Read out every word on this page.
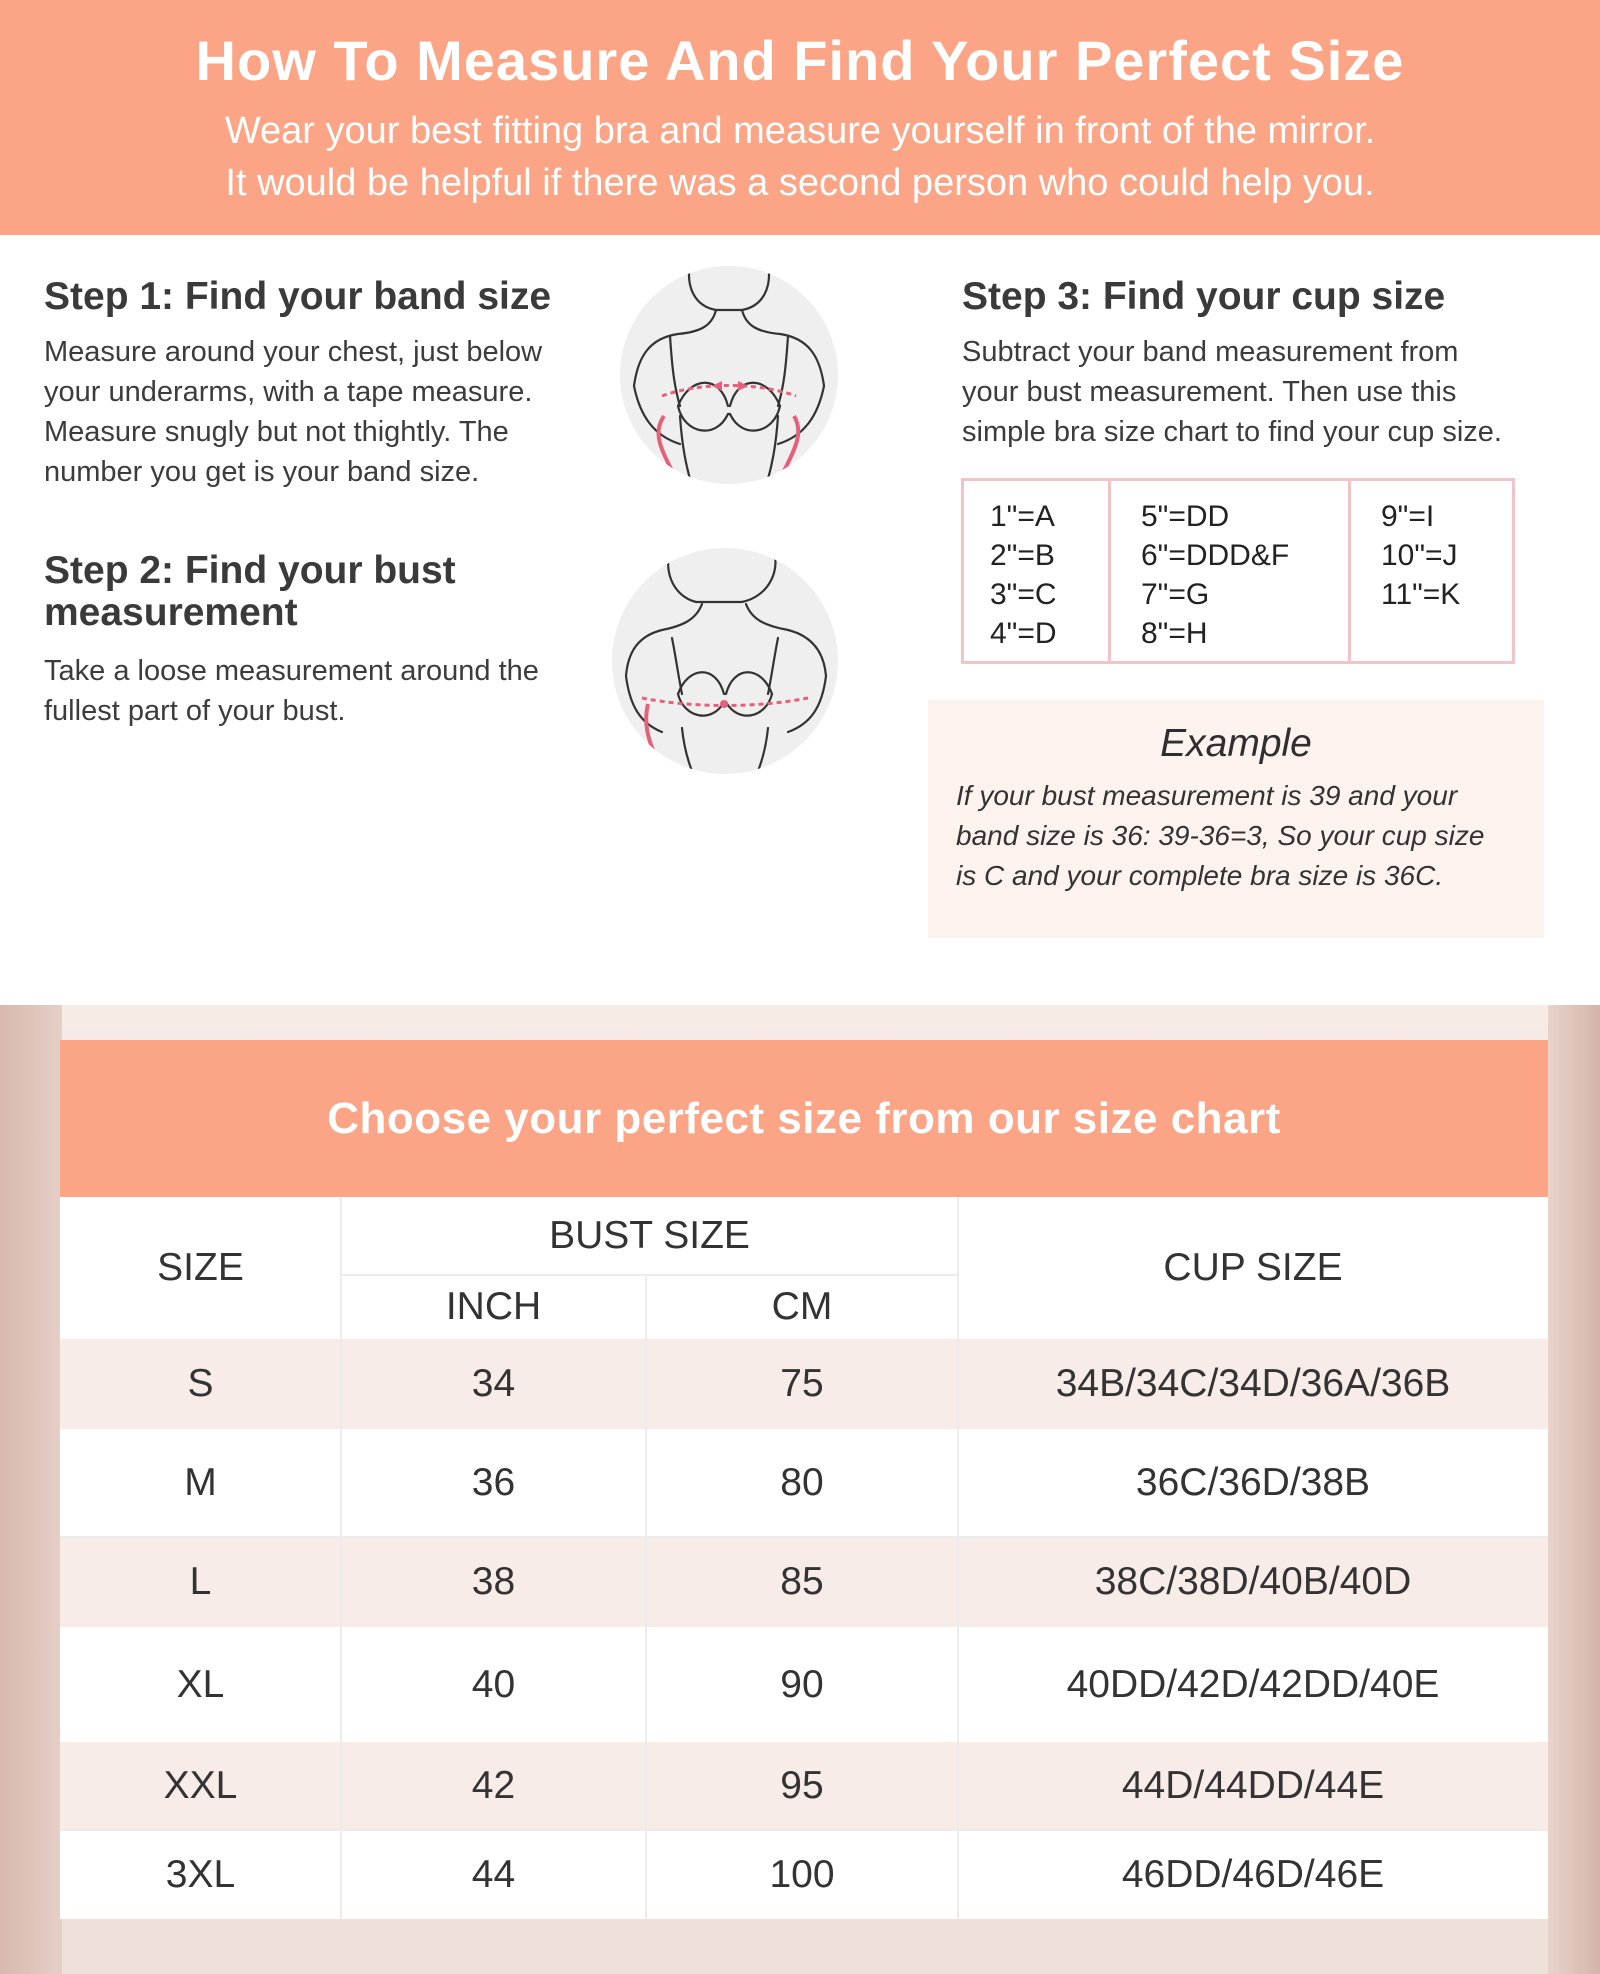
How To Measure And Find Your Perfect Size
Wear your best fitting bra and measure yourself in front of the mirror.
It would be helpful if there was a second person who could help you.
Step 1: Find your band size
Measure around your chest, just below
your underarms, with a tape measure.
Measure snugly but not thightly. The
number you get is your band size.
Step 2: Find your bust
measurement
Take a loose measurement around the
fullest part of your bust.
Step 3: Find your cup size
Subtract your band measurement from
your bust measurement. Then use this
simple bra size chart to find your cup size.
1"=A
2"=B
3"=C
4"=D
5"=DD
6"=DDD&F
7"=G
8"=H
9"=I
10"=J
11"=K
Example
If your bust measurement is 39 and your
band size is 36: 39-36=3, So your cup size
is C and your complete bra size is 36C.
Choose your perfect size from our size chart
SIZE
BUST SIZE
INCH	CM
CUP SIZE
S	34	75	34B/34C/34D/36A/36B
M	36	80	36C/36D/38B
L	38	85	38C/38D/40B/40D
XL	40	90	40DD/42D/42DD/40E
XXL	42	95	44D/44DD/44E
3XL	44	100	46DD/46D/46E
